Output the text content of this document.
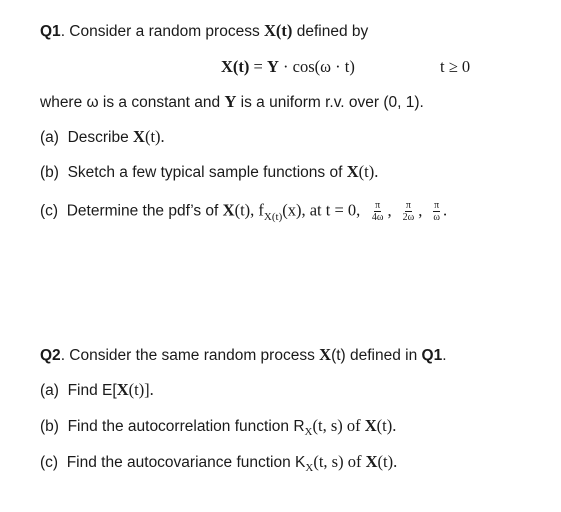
Q1. Consider a random process X(t) defined by
X(t) = Y · cos(ω · t)	t ≥ 0
where ω is a constant and Y is a uniform r.v. over (0, 1).
(a) Describe X(t).
(b) Sketch a few typical sample functions of X(t).
(c) Determine the pdf’s of X(t), $f_{X(t)}(x)$, at t = 0, $\frac{\pi}{4\omega}$ , $\frac{\pi}{2\omega}$ , $\frac{\pi}{\omega}$ .
Q2. Consider the same random process X(t) defined in Q1.
(a) Find E[X(t)].
(b) Find the autocorrelation function $R_X(t$, s) of X(t).
(c) Find the autocovariance function $K_X(t$, s) of X(t).
